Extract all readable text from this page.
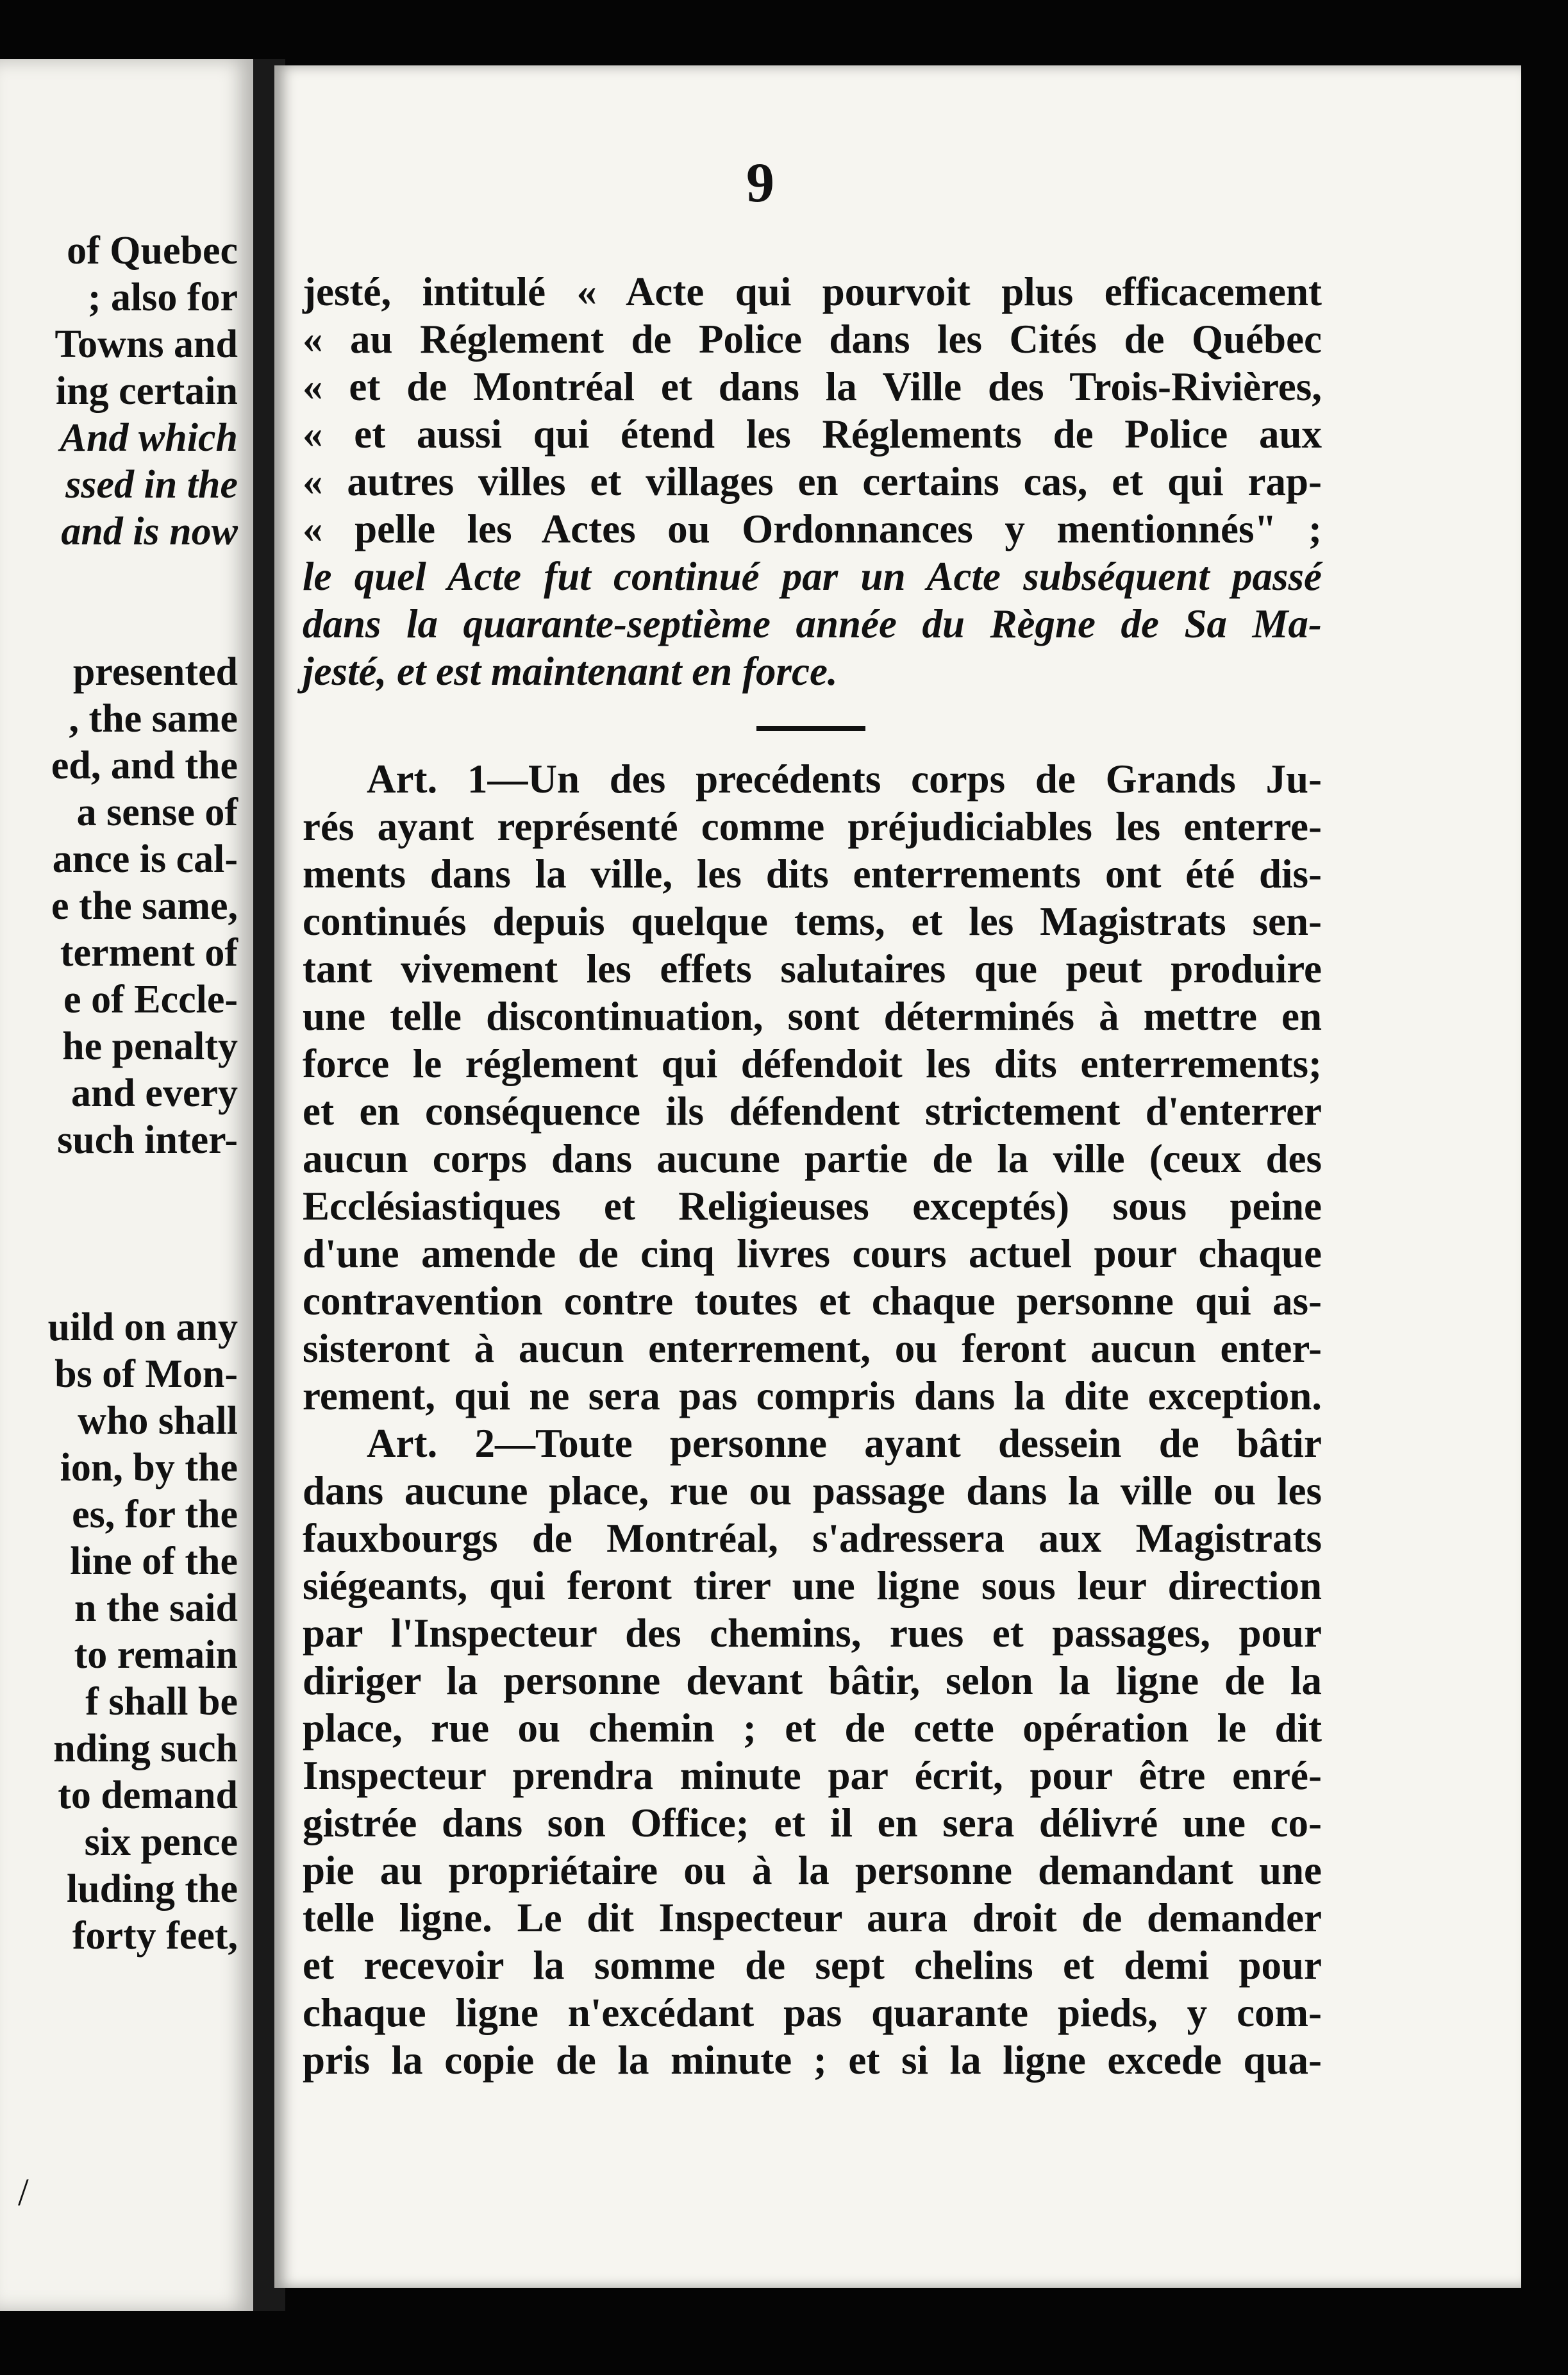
of Quebec

; also for

Towns and

ing certain

And which

ssed in the

and is now

presented

, the same

ed, and the

a sense of

ance is cal-

e the same,

terment of

e of Eccle-

he penalty

and every

such inter-

uild on any

bs of Mon-

who shall

ion, by the

es, for the

line of the

n the said

to remain

f shall be

nding such

to demand

six pence

luding the

forty feet,

/

9

jesté, intitulé « Acte qui pourvoit plus efficacement

« au Réglement de Police dans les Cités de Québec

« et de Montréal et dans la Ville des Trois-Rivières,

« et aussi qui étend les Réglements de Police aux

« autres villes et villages en certains cas, et qui rap-

« pelle les Actes ou Ordonnances y mentionnés" ;

le quel Acte fut continué par un Acte subséquent passé

dans la quarante-septième année du Règne de Sa Ma-

jesté, et est maintenant en force.

Art. 1—Un des precédents corps de Grands Ju-

rés ayant représenté comme préjudiciables les enterre-

ments dans la ville, les dits enterrements ont été dis-

continués depuis quelque tems, et les Magistrats sen-

tant vivement les effets salutaires que peut produire

une telle discontinuation, sont déterminés à mettre en

force le réglement qui défendoit les dits enterrements;

et en conséquence ils défendent strictement d'enterrer

aucun corps dans aucune partie de la ville (ceux des

Ecclésiastiques et Religieuses exceptés) sous peine

d'une amende de cinq livres cours actuel pour chaque

contravention contre toutes et chaque personne qui as-

sisteront à aucun enterrement, ou feront aucun enter-

rement, qui ne sera pas compris dans la dite exception.

Art. 2—Toute personne ayant dessein de bâtir

dans aucune place, rue ou passage dans la ville ou les

fauxbourgs de Montréal, s'adressera aux Magistrats

siégeants, qui feront tirer une ligne sous leur direction

par l'Inspecteur des chemins, rues et passages, pour

diriger la personne devant bâtir, selon la ligne de la

place, rue ou chemin ; et de cette opération le dit

Inspecteur prendra minute par écrit, pour être enré-

gistrée dans son Office; et il en sera délivré une co-

pie au propriétaire ou à la personne demandant une

telle ligne. Le dit Inspecteur aura droit de demander

et recevoir la somme de sept chelins et demi pour

chaque ligne n'excédant pas quarante pieds, y com-

pris la copie de la minute ; et si la ligne excede qua-
